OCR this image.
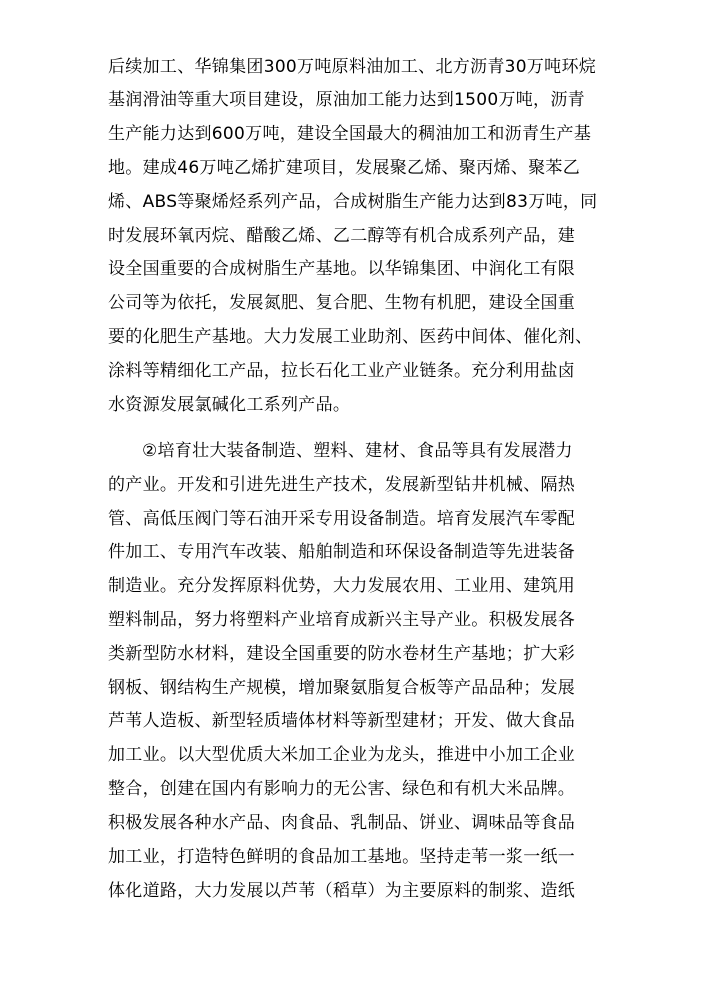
后续加工、华锦集团300万吨原料油加工、北方沥青30万吨环烷
基润滑油等重大项目建设，原油加工能力达到1500万吨，沥青
生产能力达到600万吨，建设全国最大的稠油加工和沥青生产基
地。建成46万吨乙烯扩建项目，发展聚乙烯、聚丙烯、聚苯乙
烯、ABS等聚烯烃系列产品，合成树脂生产能力达到83万吨，同
时发展环氧丙烷、醋酸乙烯、乙二醇等有机合成系列产品，建
设全国重要的合成树脂生产基地。以华锦集团、中润化工有限
公司等为依托，发展氮肥、复合肥、生物有机肥，建设全国重
要的化肥生产基地。大力发展工业助剂、医药中间体、催化剂、
涂料等精细化工产品，拉长石化工业产业链条。充分利用盐卤
水资源发展氯碱化工系列产品。
②培育壮大装备制造、塑料、建材、食品等具有发展潜力
的产业。开发和引进先进生产技术，发展新型钻井机械、隔热
管、高低压阀门等石油开采专用设备制造。培育发展汽车零配
件加工、专用汽车改装、船舶制造和环保设备制造等先进装备
制造业。充分发挥原料优势，大力发展农用、工业用、建筑用
塑料制品，努力将塑料产业培育成新兴主导产业。积极发展各
类新型防水材料，建设全国重要的防水卷材生产基地；扩大彩
钢板、钢结构生产规模，增加聚氨脂复合板等产品品种；发展
芦苇人造板、新型轻质墙体材料等新型建材；开发、做大食品
加工业。以大型优质大米加工企业为龙头，推进中小加工企业
整合，创建在国内有影响力的无公害、绿色和有机大米品牌。
积极发展各种水产品、肉食品、乳制品、饼业、调味品等食品
加工业，打造特色鲜明的食品加工基地。坚持走苇一浆一纸一
体化道路，大力发展以芦苇（稻草）为主要原料的制浆、造纸
